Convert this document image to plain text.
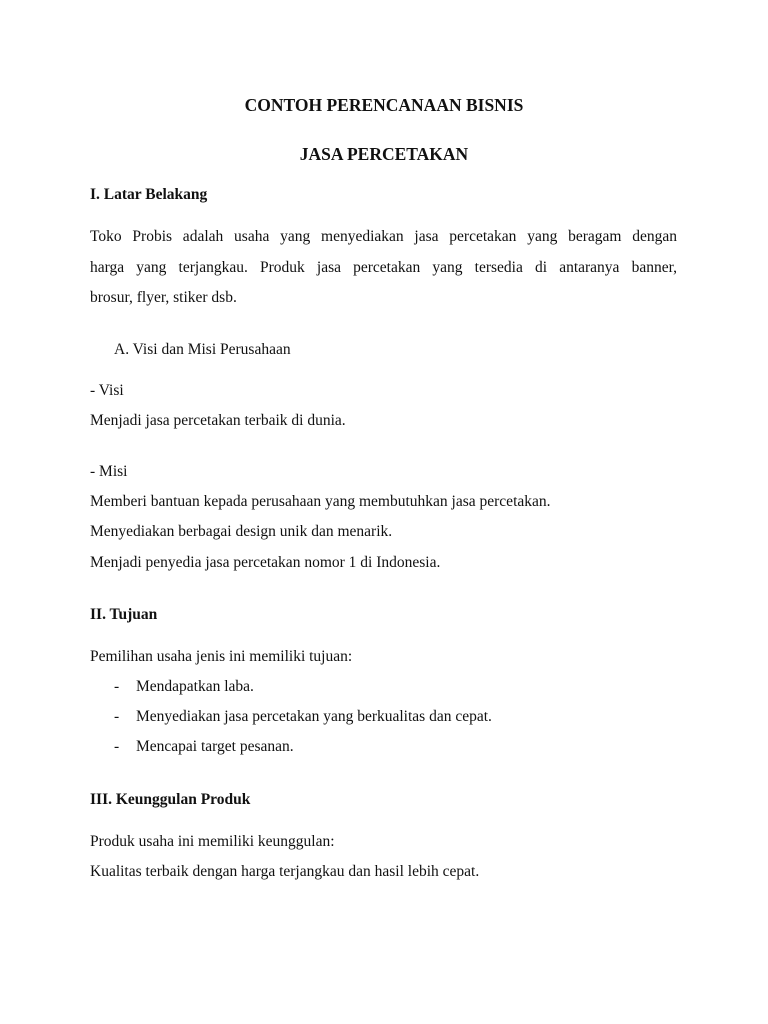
CONTOH PERENCANAAN BISNIS
JASA PERCETAKAN
I. Latar Belakang
Toko Probis adalah usaha yang menyediakan jasa percetakan yang beragam dengan
harga yang terjangkau. Produk jasa percetakan yang tersedia di antaranya banner,
brosur, flyer, stiker dsb.
A. Visi dan Misi Perusahaan
- Visi
Menjadi jasa percetakan terbaik di dunia.
- Misi
Memberi bantuan kepada perusahaan yang membutuhkan jasa percetakan.
Menyediakan berbagai design unik dan menarik.
Menjadi penyedia jasa percetakan nomor 1 di Indonesia.
II. Tujuan
Pemilihan usaha jenis ini memiliki tujuan:
- Mendapatkan laba.
- Menyediakan jasa percetakan yang berkualitas dan cepat.
- Mencapai target pesanan.
III. Keunggulan Produk
Produk usaha ini memiliki keunggulan:
Kualitas terbaik dengan harga terjangkau dan hasil lebih cepat.
